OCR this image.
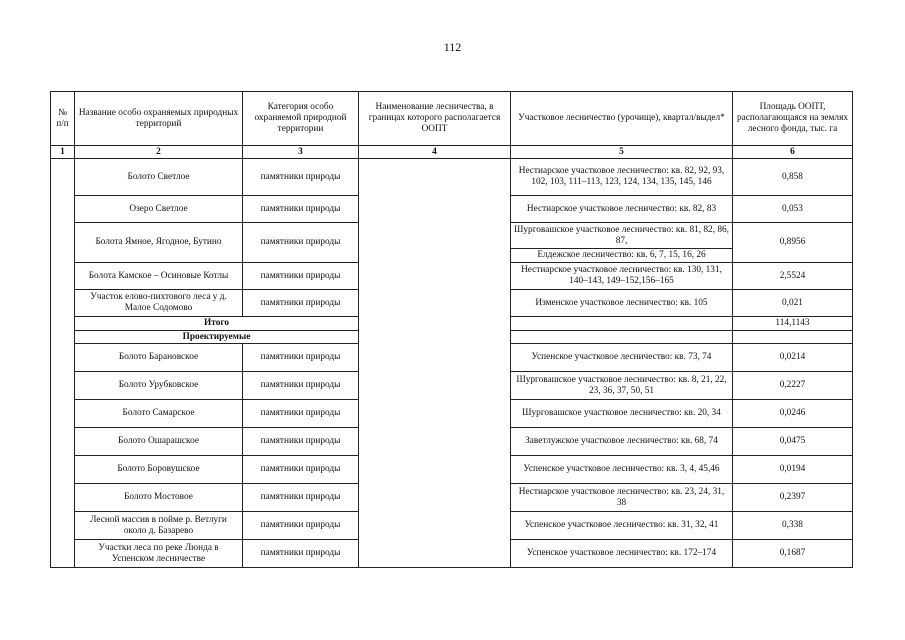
112
№ п/п	Название особо охраняемых природных территорий	Категория особо охраняемой природной территории	Наименование лесничества, в границах которого располагается ООПТ	Участковое лесничество (урочище), квартал/выдел*	Площадь ООПТ, располагающаяся на землях лесного фонда, тыс. га
1	2	3	4	5	6
	Болото Светлое	памятники природы		Нестиарское участковое лесничество: кв. 82, 92, 93, 102, 103, 111–113, 123, 124, 134, 135, 145, 146	0,858
	Озеро Светлое	памятники природы		Нестиарское участковое лесничество: кв. 82, 83	0,053
	Болота Ямное, Ягодное, Бутино	памятники природы		Шурговашское участковое лесничество: кв. 81, 82, 86, 87,	0,8956
				Елдежское лесничество: кв. 6, 7, 15, 16, 26	
	Болота Камское – Осиновые Котлы	памятники природы		Нестиарское участковое лесничество: кв. 130, 131, 140–143, 149–152,156–165	2,5524
	Участок елово-пихтового леса у д. Малое Содомово	памятники природы		Изменское участковое лесничество: кв. 105	0,021
	Итого				114,1143
	Проектируемые				
	Болото Барановское	памятники природы		Успенское участковое лесничество: кв. 73, 74	0,0214
	Болото Урубковское	памятники природы		Шурговашское участковое лесничество: кв. 8, 21, 22, 23, 36, 37, 50, 51	0,2227
	Болото Самарское	памятники природы		Шурговашское участковое лесничество: кв. 20, 34	0,0246
	Болото Ошарашское	памятники природы		Заветлужское участковое лесничество: кв. 68, 74	0,0475
	Болото Боровушское	памятники природы		Успенское участковое лесничество: кв. 3, 4, 45,46	0,0194
	Болото Мостовое	памятники природы		Нестиарское участковое лесничество: кв. 23, 24, 31, 38	0,2397
	Лесной массив в пойме р. Ветлуги около д. Базарево	памятники природы		Успенское участковое лесничество: кв. 31, 32, 41	0,338
	Участки леса по реке Люнда в Успенском лесничестве	памятники природы		Успенское участковое лесничество: кв. 172–174	0,1687
